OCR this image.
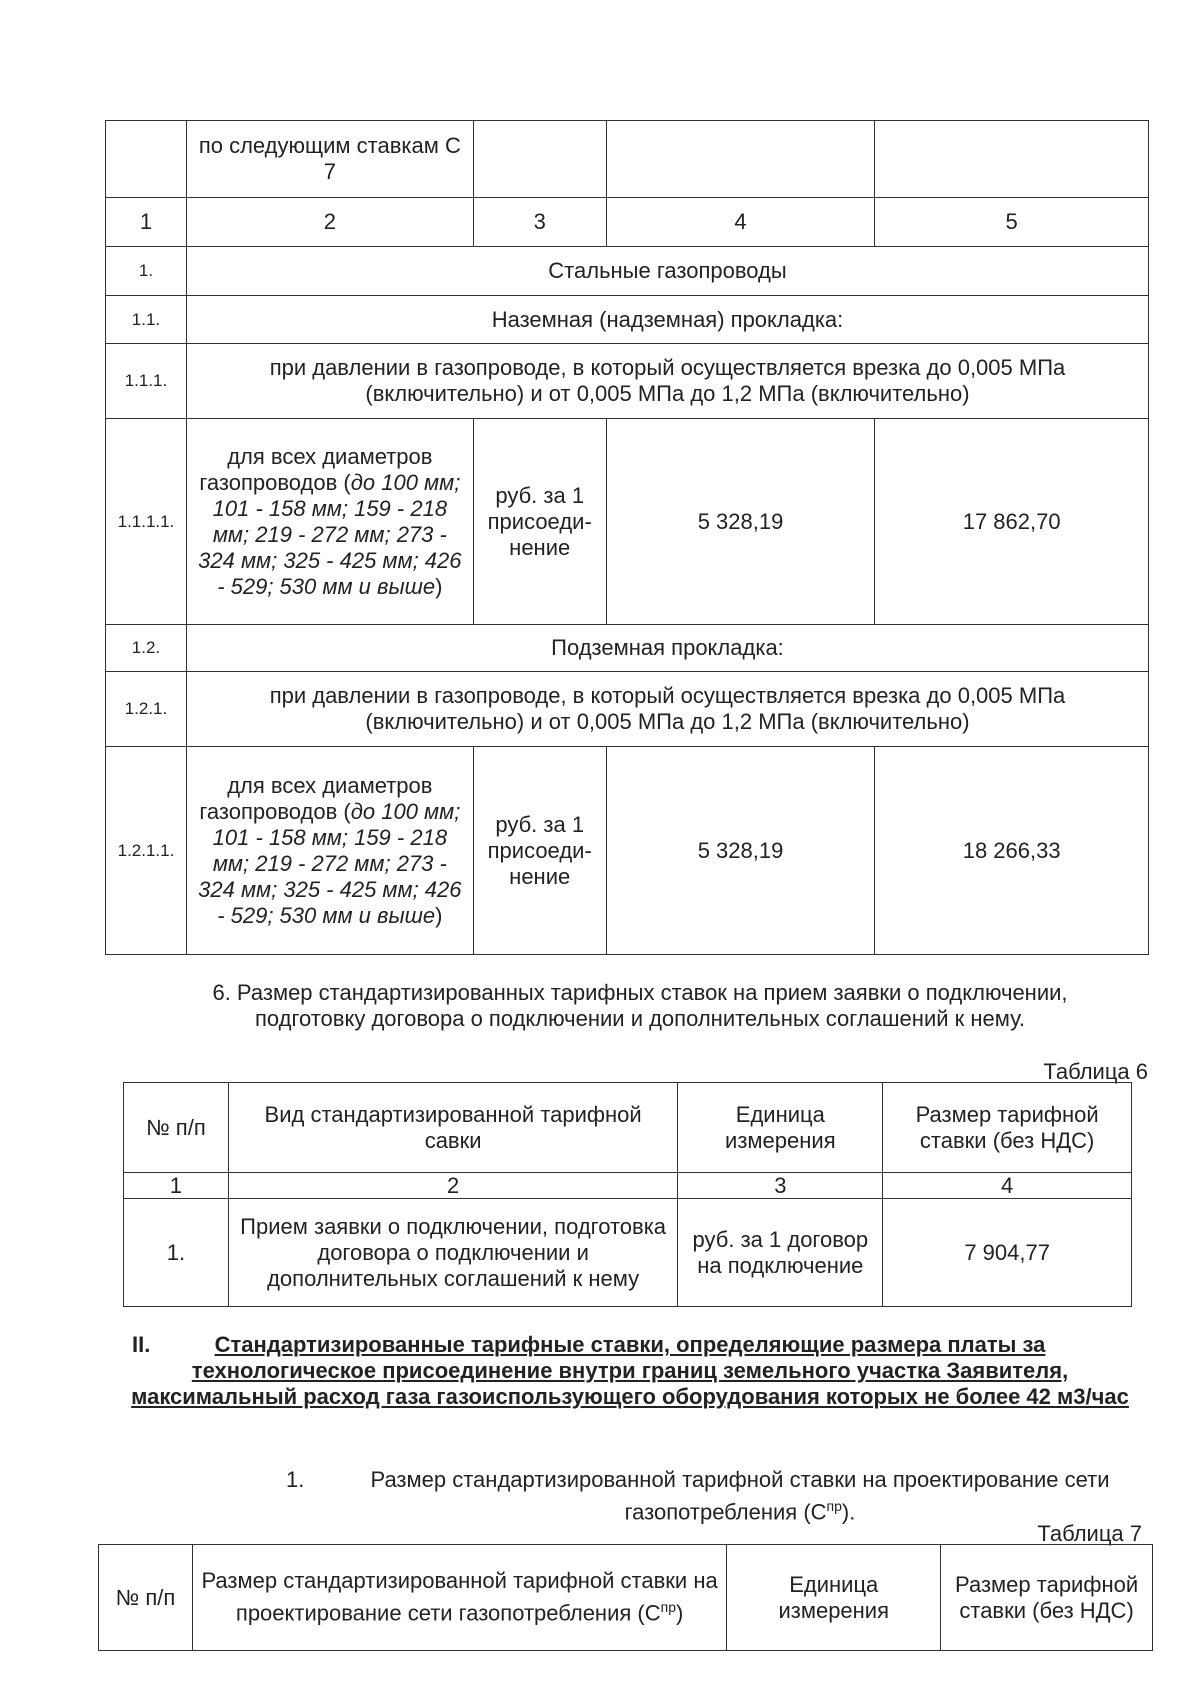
	по следующим ставкам С 7			
1	2	3	4	5
1.	Стальные газопроводы			
1.1.	Наземная (надземная) прокладка:			
1.1.1.	при давлении в газопроводе, в который осуществляется врезка до 0,005 МПа (включительно) и от 0,005 МПа до 1,2 МПа (включительно)			
1.1.1.1.	для всех диаметров газопроводов (до 100 мм; 101 - 158 мм; 159 - 218 мм; 219 - 272 мм; 273 - 324 мм; 325 - 425 мм; 426 - 529; 530 мм и выше)	руб. за 1 присоеди-нение	5 328,19	17 862,70
1.2.	Подземная прокладка:			
1.2.1.	при давлении в газопроводе, в который осуществляется врезка до 0,005 МПа (включительно) и от 0,005 МПа до 1,2 МПа (включительно)			
1.2.1.1.	для всех диаметров газопроводов (до 100 мм; 101 - 158 мм; 159 - 218 мм; 219 - 272 мм; 273 - 324 мм; 325 - 425 мм; 426 - 529; 530 мм и выше)	руб. за 1 присоеди-нение	5 328,19	18 266,33
6. Размер стандартизированных тарифных ставок на прием заявки о подключении, подготовку договора о подключении и дополнительных соглашений к нему.
Таблица 6
№ п/п	Вид стандартизированной тарифной савки	Единица измерения	Размер тарифной ставки (без НДС)
1	2	3	4
1.	Прием заявки о подключении, подготовка договора о подключении и дополнительных соглашений к нему	руб. за 1 договор на подключение	7 904,77
II.	Стандартизированные тарифные ставки, определяющие размера платы за технологическое присоединение внутри границ земельного участка Заявителя, максимальный расход газа газоиспользующего оборудования которых не более 42 м3/час
1.	Размер стандартизированной тарифной ставки на проектирование сети газопотребления $(С^{пр})$.
Таблица 7
№ п/п	Размер стандартизированной тарифной ставки на проектирование сети газопотребления $(С^{пр})$	Единица измерения	Размер тарифной ставки (без НДС)
